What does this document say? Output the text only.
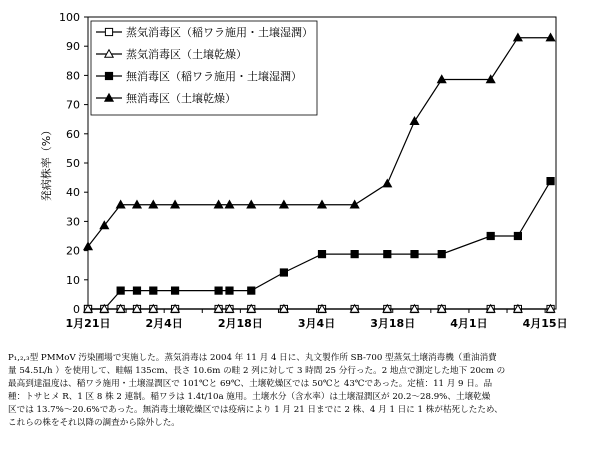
0
10
20
30
40
50
60
70
80
90
100
1月21日	2月4日	2月18日	3月4日	3月18日	4月1日	4月15日
発病株率（%）
蒸気消毒区（稲ワラ施用・土壌湿潤）
蒸気消毒区（土壌乾燥）
無消毒区（稲ワラ施用・土壌湿潤）
無消毒区（土壌乾燥）
P₁,₂,₃型 PMMoV 汚染圃場で実施した。蒸気消毒は 2004 年 11 月 4 日に、丸文製作所 SB-700 型蒸気土壌消毒機（重油消費
量 54.5L/h ）を使用して、畦幅 135cm、長さ 10.6m の畦 2 列に対して 3 時間 25 分行った。2 地点で測定した地下 20cm の
最高到達温度は、稲ワラ施用・土壌湿潤区で 101℃と 69℃、土壌乾燥区では 50℃と 43℃であった。定植：11 月 9 日。品
種：トサヒメ R、1 区 8 株 2 連制。稲ワラは 1.4t/10a 施用。土壌水分（含水率）は土壌湿潤区が 20.2～28.9%、土壌乾燥
区では 13.7%～20.6%であった。無消毒土壌乾燥区では疫病により 1 月 21 日までに 2 株、4 月 1 日に 1 株が枯死したため、
これらの株をそれ以降の調査から除外した。
